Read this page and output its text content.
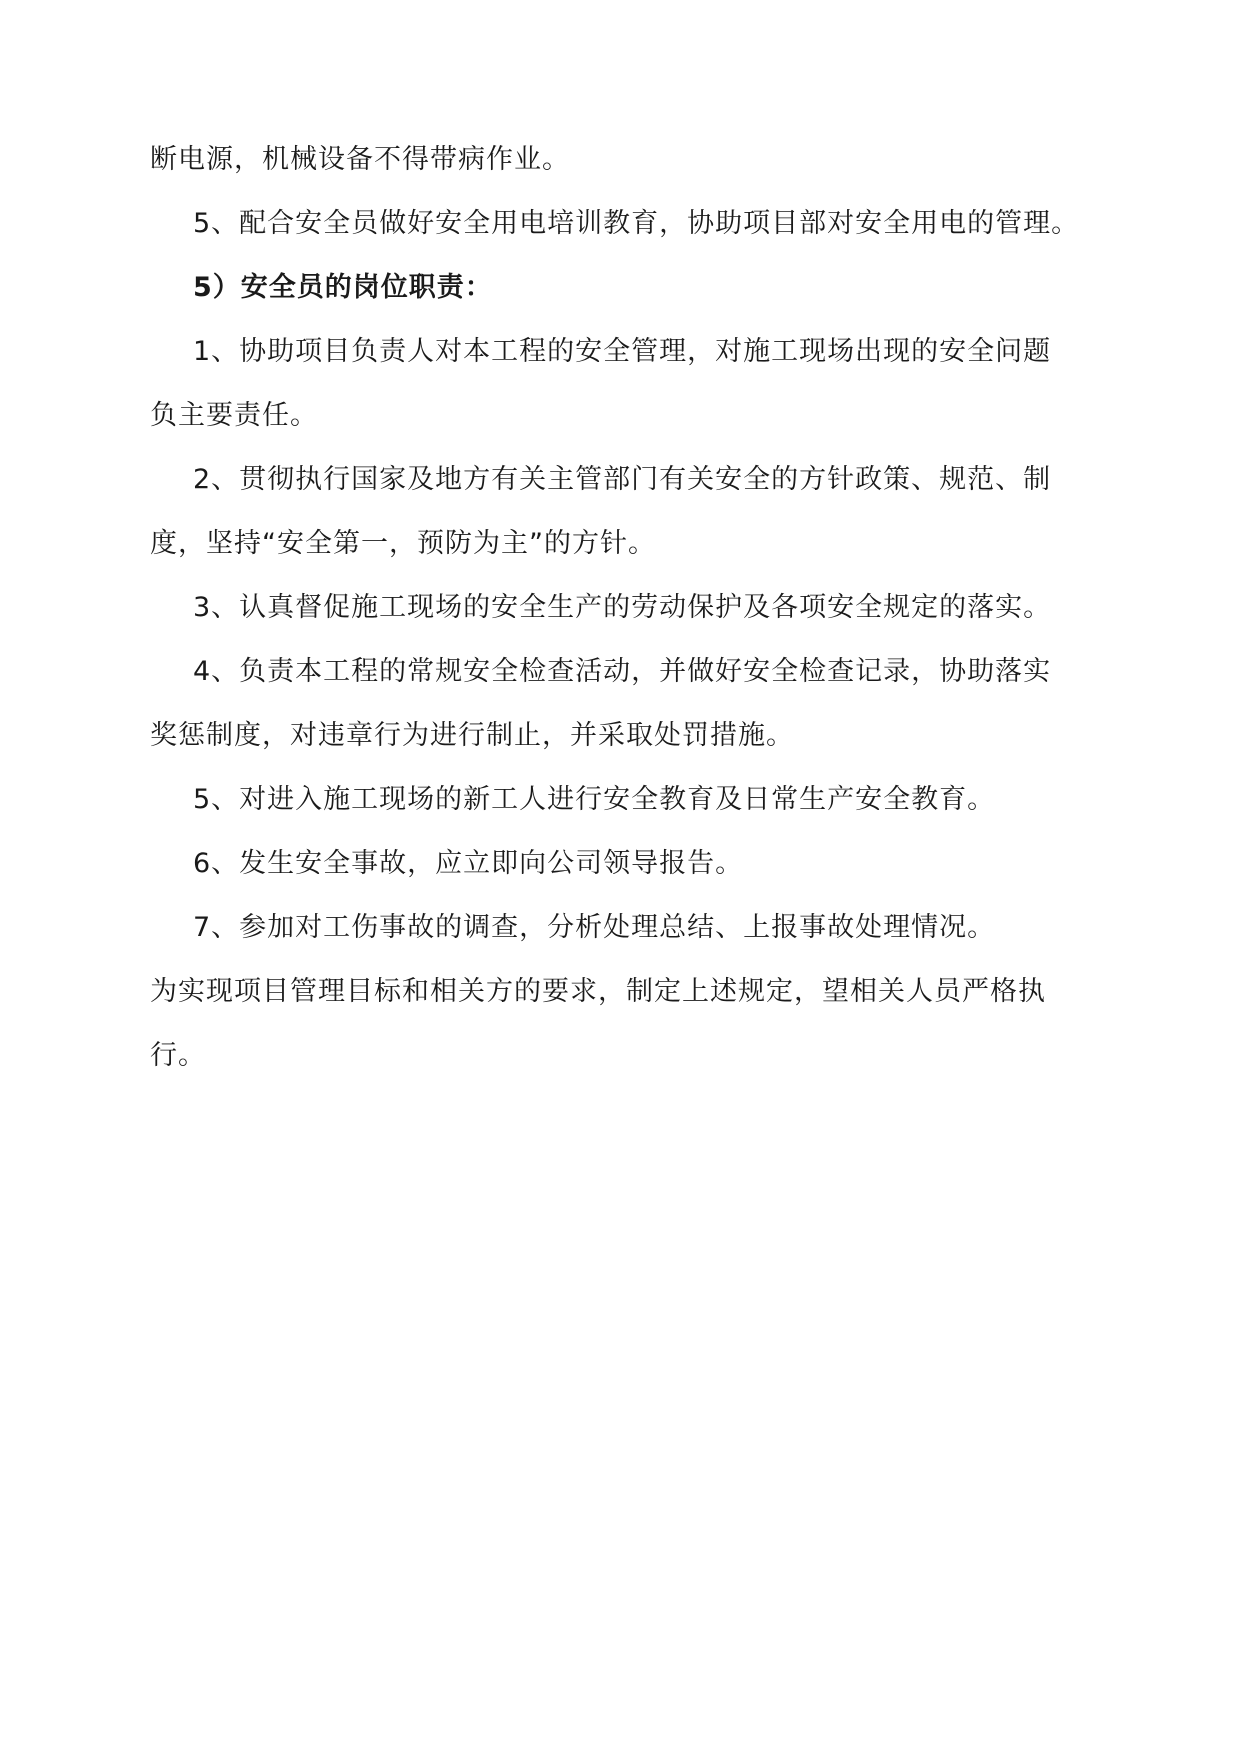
断电源，机械设备不得带病作业。
5、配合安全员做好安全用电培训教育，协助项目部对安全用电的管理。
5）安全员的岗位职责：
1、协助项目负责人对本工程的安全管理，对施工现场出现的安全问题
负主要责任。
2、贯彻执行国家及地方有关主管部门有关安全的方针政策、规范、制
度，坚持“安全第一，预防为主”的方针。
3、认真督促施工现场的安全生产的劳动保护及各项安全规定的落实。
4、负责本工程的常规安全检查活动，并做好安全检查记录，协助落实
奖惩制度，对违章行为进行制止，并采取处罚措施。
5、对进入施工现场的新工人进行安全教育及日常生产安全教育。
6、发生安全事故，应立即向公司领导报告。
7、参加对工伤事故的调查，分析处理总结、上报事故处理情况。
为实现项目管理目标和相关方的要求，制定上述规定，望相关人员严格执
行。
